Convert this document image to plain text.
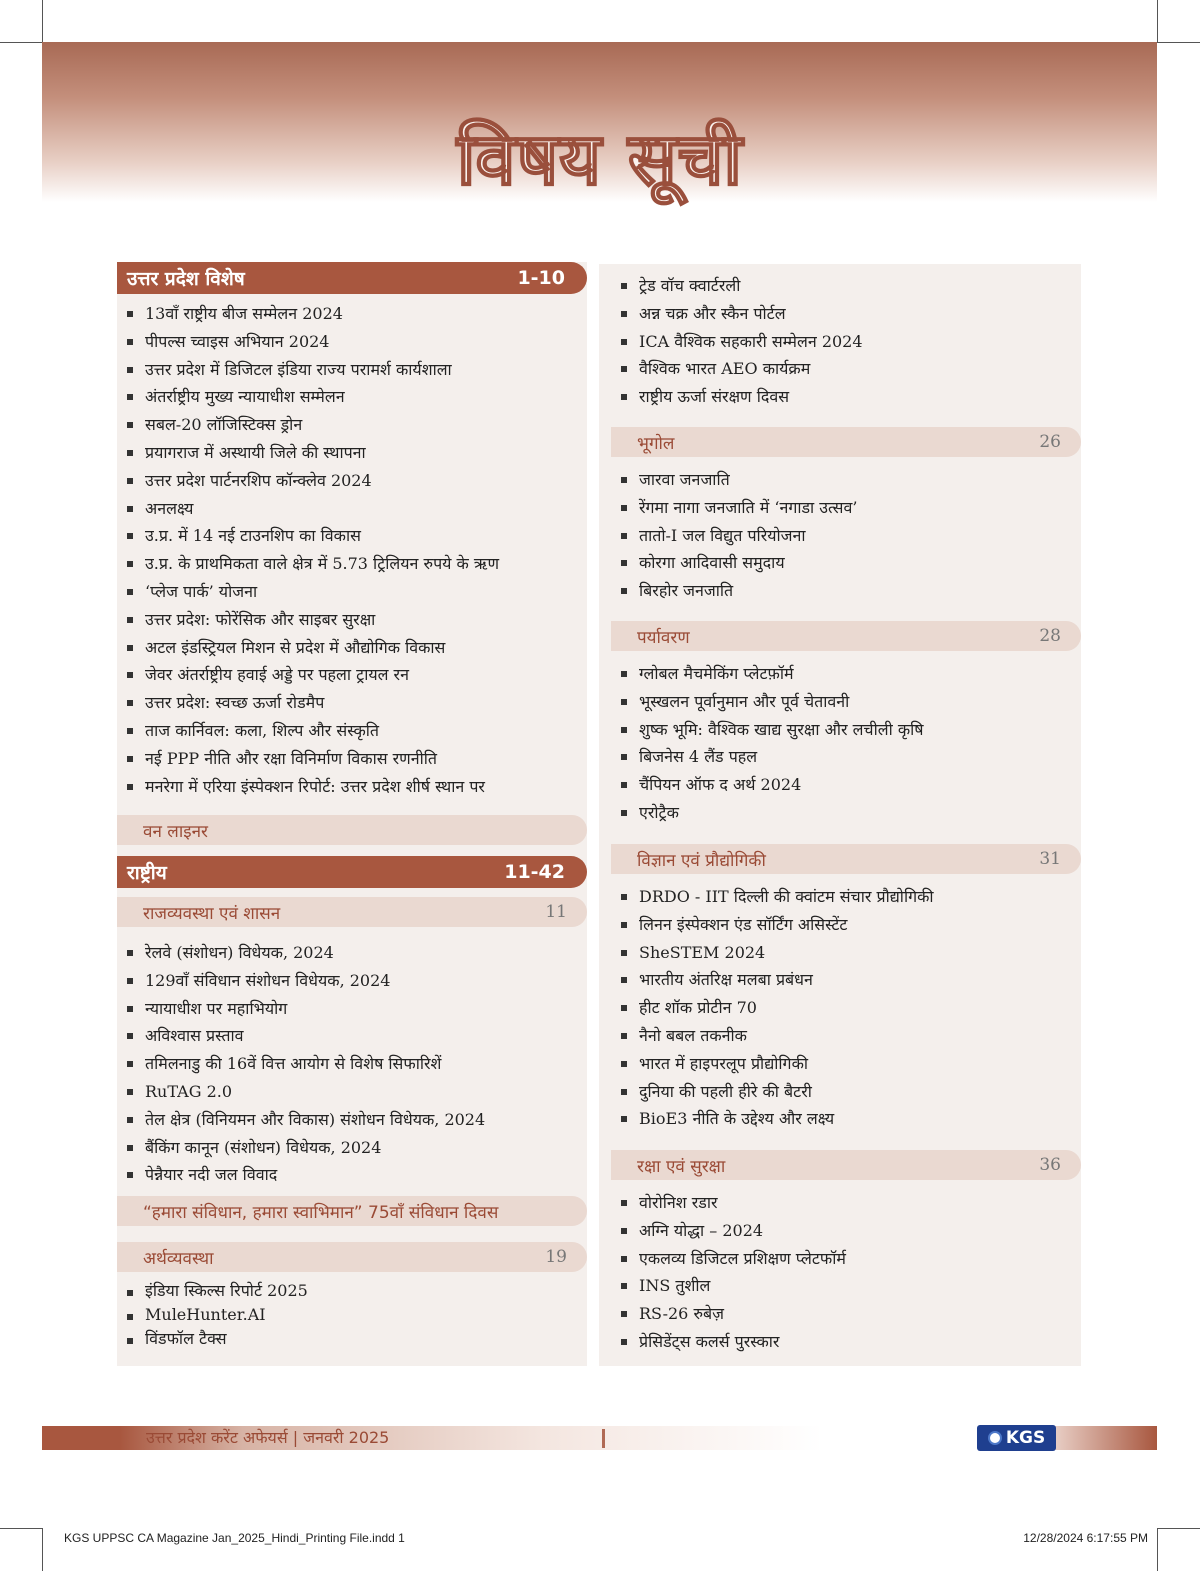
विषय सूची
उत्तर प्रदेश विशेष	1-10
13वाँ राष्ट्रीय बीज सम्मेलन 2024
पीपल्स च्वाइस अभियान 2024
उत्तर प्रदेश में डिजिटल इंडिया राज्य परामर्श कार्यशाला
अंतर्राष्ट्रीय मुख्य न्यायाधीश सम्मेलन
सबल-20 लॉजिस्टिक्स ड्रोन
प्रयागराज में अस्थायी जिले की स्थापना
उत्तर प्रदेश पार्टनरशिप कॉन्क्लेव 2024
अनलक्ष्य
उ.प्र. में 14 नई टाउनशिप का विकास
उ.प्र. के प्राथमिकता वाले क्षेत्र में 5.73 ट्रिलियन रुपये के ऋण
‘प्लेज पार्क’ योजना
उत्तर प्रदेश: फोरेंसिक और साइबर सुरक्षा
अटल इंडस्ट्रियल मिशन से प्रदेश में औद्योगिक विकास
जेवर अंतर्राष्ट्रीय हवाई अड्डे पर पहला ट्रायल रन
उत्तर प्रदेश: स्वच्छ ऊर्जा रोडमैप
ताज कार्निवल: कला, शिल्प और संस्कृति
नई PPP नीति और रक्षा विनिर्माण विकास रणनीति
मनरेगा में एरिया इंस्पेक्शन रिपोर्ट: उत्तर प्रदेश शीर्ष स्थान पर
वन लाइनर
राष्ट्रीय	11-42
राजव्यवस्था एवं शासन	11
रेलवे (संशोधन) विधेयक, 2024
129वाँ संविधान संशोधन विधेयक, 2024
न्यायाधीश पर महाभियोग
अविश्वास प्रस्ताव
तमिलनाडु की 16वें वित्त आयोग से विशेष सिफारिशें
RuTAG 2.0
तेल क्षेत्र (विनियमन और विकास) संशोधन विधेयक, 2024
बैंकिंग कानून (संशोधन) विधेयक, 2024
पेन्नैयार नदी जल विवाद
“हमारा संविधान, हमारा स्वाभिमान” 75वाँ संविधान दिवस
अर्थव्यवस्था	19
इंडिया स्किल्स रिपोर्ट 2025
MuleHunter.AI
विंडफॉल टैक्स
ट्रेड वॉच क्वार्टरली
अन्न चक्र और स्कैन पोर्टल
ICA वैश्विक सहकारी सम्मेलन 2024
वैश्विक भारत AEO कार्यक्रम
राष्ट्रीय ऊर्जा संरक्षण दिवस
भूगोल	26
जारवा जनजाति
रेंगमा नागा जनजाति में ‘नगाडा उत्सव’
तातो-I जल विद्युत परियोजना
कोरगा आदिवासी समुदाय
बिरहोर जनजाति
पर्यावरण	28
ग्लोबल मैचमेकिंग प्लेटफ़ॉर्म
भूस्खलन पूर्वानुमान और पूर्व चेतावनी
शुष्क भूमि: वैश्विक खाद्य सुरक्षा और लचीली कृषि
बिजनेस 4 लैंड पहल
चैंपियन ऑफ द अर्थ 2024
एरोट्रैक
विज्ञान एवं प्रौद्योगिकी	31
DRDO - IIT दिल्ली की क्वांटम संचार प्रौद्योगिकी
लिनन इंस्पेक्शन एंड सॉर्टिंग असिस्टेंट
SheSTEM 2024
भारतीय अंतरिक्ष मलबा प्रबंधन
हीट शॉक प्रोटीन 70
नैनो बबल तकनीक
भारत में हाइपरलूप प्रौद्योगिकी
दुनिया की पहली हीरे की बैटरी
BioE3 नीति के उद्देश्य और लक्ष्य
रक्षा एवं सुरक्षा	36
वोरोनिश रडार
अग्नि योद्धा – 2024
एकलव्य डिजिटल प्रशिक्षण प्लेटफॉर्म
INS तुशील
RS-26 रुबेज़
प्रेसिडेंट्स कलर्स पुरस्कार
उत्तर प्रदेश करेंट अफेयर्स | जनवरी 2025	KGS
KGS UPPSC CA Magazine Jan_2025_Hindi_Printing File.indd 1	12/28/2024 6:17:55 PM
